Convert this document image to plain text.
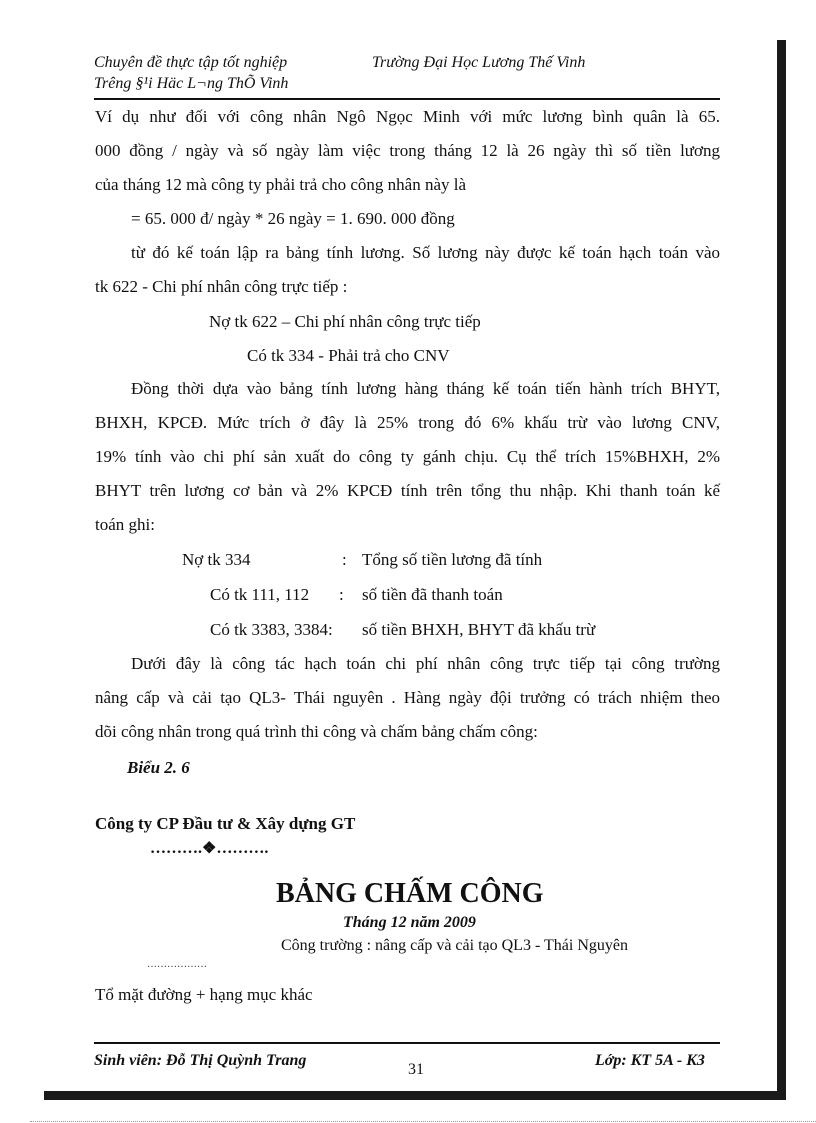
Chuyên đề thực tập tốt nghiệp	Trường Đại Học Lương Thế Vinh
Trêng §¹i Häc L¬ng ThÕ Vinh
Ví dụ như đối với công nhân Ngô Ngọc Minh với mức lương bình quân là 65.
000 đồng / ngày và số ngày làm việc trong tháng 12 là 26 ngày thì số tiền lương
của tháng 12 mà công ty phải trả cho công nhân này là
= 65. 000 đ/ ngày * 26 ngày = 1. 690. 000 đồng
từ đó kế toán lập ra bảng tính lương. Số lương này được kế toán hạch toán vào
tk 622 - Chi phí nhân công trực tiếp :
Nợ tk 622 – Chi phí nhân công trực tiếp
Có tk 334 - Phải trả cho CNV
Đồng thời dựa vào bảng tính lương hàng tháng kế toán tiến hành trích BHYT,
BHXH, KPCĐ. Mức trích ở đây là 25% trong đó 6% khấu trừ vào lương CNV,
19% tính vào chi phí sản xuất do công ty gánh chịu. Cụ thể trích 15%BHXH, 2%
BHYT trên lương cơ bản và 2% KPCĐ tính trên tổng thu nhập. Khi thanh toán kế
toán ghi:
Nợ tk 334	: Tổng số tiền lương đã tính
Có tk 111, 112 : số tiền đã thanh toán
Có tk 3383, 3384: số tiền BHXH, BHYT đã khấu trừ
Dưới đây là công tác hạch toán chi phí nhân công trực tiếp tại công trường
nâng cấp và cải tạo QL3- Thái nguyên . Hàng ngày đội trưởng có trách nhiệm theo
dõi công nhân trong quá trình thi công và chấm bảng chấm công:
Biểu 2. 6
Công ty CP Đầu tư & Xây dựng GT
……….❖……….
BẢNG CHẤM CÔNG
Tháng 12 năm 2009
Công trường : nâng cấp và cải tạo QL3 - Thái Nguyên
………………
Tổ mặt đường + hạng mục khác
Sinh viên: Đỗ Thị Quỳnh Trang
31
Lớp: KT 5A - K3
